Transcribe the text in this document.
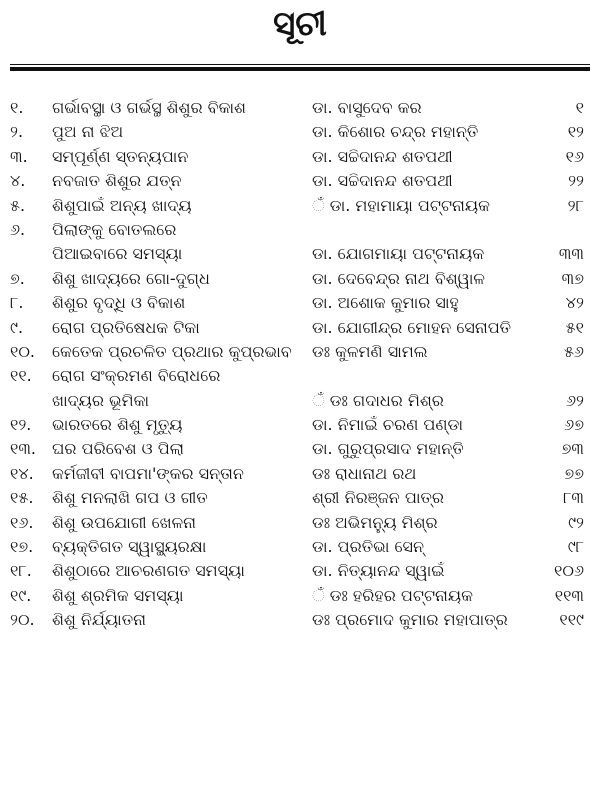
ସୂଚୀ
୧.	ଗର୍ଭାବସ୍ଥା ଓ ଗର୍ଭସ୍ଥ ଶିଶୁର ବିକାଶ	ଡା. ବାସୁଦେବ କର	୧
୨.	ପୁଅ ନା ଝିଅ	ଡା. କିଶୋର ଚନ୍ଦ୍ର ମହାନ୍ତି	୧୨
୩.	ସମ୍ପୂର୍ଣ୍ଣ ସ୍ତନ୍ୟପାନ	ଡା. ସଚ୍ଚିଦାନନ୍ଦ ଶତପଥୀ	୧୬
୪.	ନବଜାତ ଶିଶୁର ଯତ୍ନ	ଡା. ସଚ୍ଚିଦାନନ୍ଦ ଶତପଥୀ	୨୨
୫.	ଶିଶୁପାଇଁ ଅନ୍ୟ ଖାଦ୍ୟ	ଁ ଡା. ମହାମାୟା ପଟ୍ଟନାୟକ	୨୮
୬.	ପିଲାଙ୍କୁ ବୋତଲରେ
ପିଆଇବାରେ ସମସ୍ୟା	ଡା. ଯୋଗମାୟା ପଟ୍ଟନାୟକ	୩୩
୭.	ଶିଶୁ ଖାଦ୍ୟରେ ଗୋ-ଦୁଗ୍ଧ	ଡା. ଦେବେନ୍ଦ୍ର ନାଥ ବିଶ୍ୱାଳ	୩୭
୮.	ଶିଶୁର ବୃଦ୍ଧି ଓ ବିକାଶ	ଡା. ଅଶୋକ କୁମାର ସାହୁ	୪୨
୯.	ରୋଗ ପ୍ରତିଷେଧକ ଟିକା	ଡା. ଯୋଗୀନ୍ଦ୍ର ମୋହନ ସେନାପତି	୫୧
୧୦.	କେତେକ ପ୍ରଚଳିତ ପ୍ରଥାର କୁପ୍ରଭାବ	ଡଃ କୁଳମଣି ସାମଲ	୫୬
୧୧.	ରୋଗ ସଂକ୍ରମଣ ବିରୋଧରେ
ଖାଦ୍ୟର ଭୂମିକା	ଁ ଡଃ ଗଦାଧର ମିଶ୍ର	୬୨
୧୨.	ଭାରତରେ ଶିଶୁ ମୃତ୍ୟୁ	ଡା. ନିମାଇଁ ଚରଣ ପଣ୍ଡା	୬୭
୧୩.	ଘର ପରିବେଶ ଓ ପିଲା	ଡା. ଗୁରୁପ୍ରସାଦ ମହାନ୍ତି	୭୩
୧୪.	କର୍ମଜୀବୀ ବାପମା'ଙ୍କର ସନ୍ତାନ	ଡଃ ରାଧାନାଥ ରଥ	୭୭
୧୫.	ଶିଶୁ ମନଲାଖି ଗପ ଓ ଗୀତ	ଶ୍ରୀ ନିରଞ୍ଜନ ପାତ୍ର	୮୩
୧୬.	ଶିଶୁ ଉପଯୋଗୀ ଖେଳନା	ଡଃ ଅଭିମନ୍ୟୁ ମିଶ୍ର	୯୨
୧୭.	ବ୍ୟକ୍ତିଗତ ସ୍ୱାସ୍ଥ୍ୟରକ୍ଷା	ଡା. ପ୍ରତିଭା ସେନ୍	୯୮
୧୮.	ଶିଶୁଠାରେ ଆଚରଣଗତ ସମସ୍ୟା	ଡା. ନିତ୍ୟାନନ୍ଦ ସ୍ୱାଇଁ	୧୦୬
୧୯.	ଶିଶୁ ଶ୍ରମିକ ସମସ୍ୟା	ଁ ଡଃ ହରିହର ପଟ୍ଟନାୟକ	୧୧୩
୨୦.	ଶିଶୁ ନିର୍ଯ୍ୟାତନା	ଡଃ ପ୍ରମୋଦ କୁମାର ମହାପାତ୍ର	୧୧୯
